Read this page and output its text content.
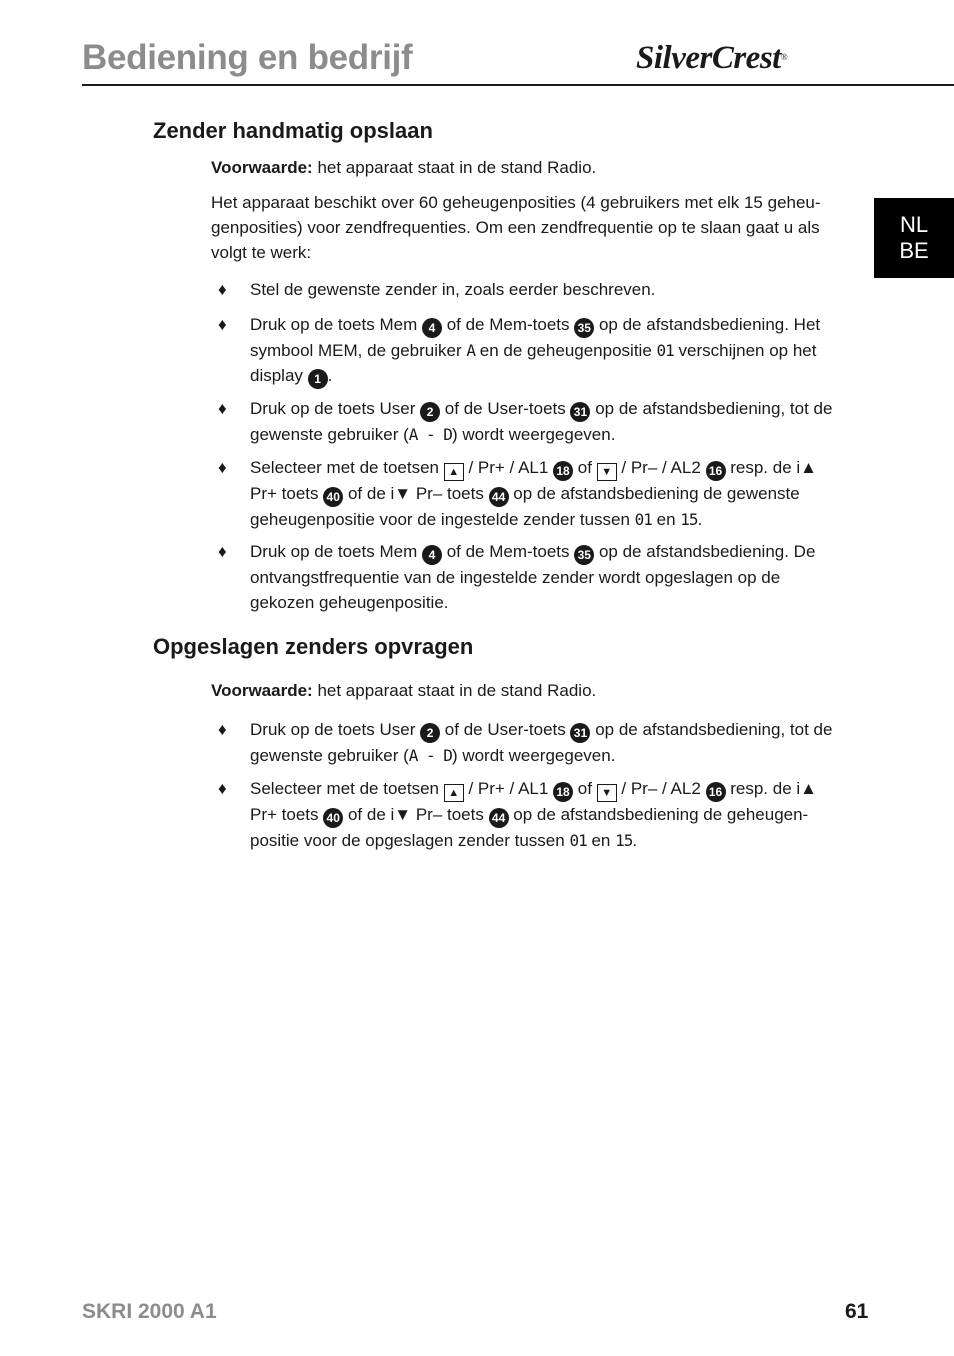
Bediening en bedrijf	SilverCrest®
NL
BE
Zender handmatig opslaan

Voorwaarde: het apparaat staat in de stand Radio.

Het apparaat beschikt over 60 geheugenposities (4 gebruikers met elk 15 geheu-genposities) voor zendfrequenties. Om een zendfrequentie op te slaan gaat u als volgt te werk:

♦ Stel de gewenste zender in, zoals eerder beschreven.

♦ Druk op de toets Mem 4 of de Mem-toets 35 op de afstandsbediening. Het symbool MEM, de gebruiker A en de geheugenpositie 01 verschijnen op het display 1 .

♦ Druk op de toets User 2 of de User-toets 31 op de afstandsbediening, tot de gewenste gebruiker (A - D) wordt weergegeven.

♦ Selecteer met de toetsen ▲ / Pr+ / AL1 18 of ▼ / Pr– / AL2 16 resp. de i▲ Pr+ toets 40 of de i▼ Pr– toets 44 op de afstandsbediening de gewenste geheugenpositie voor de ingestelde zender tussen 01 en 15.

♦ Druk op de toets Mem 4 of de Mem-toets 35 op de afstandsbediening. De ontvangstfrequentie van de ingestelde zender wordt opgeslagen op de gekozen geheugenpositie.

Opgeslagen zenders opvragen

Voorwaarde: het apparaat staat in de stand Radio.

♦ Druk op de toets User 2 of de User-toets 31 op de afstandsbediening, tot de gewenste gebruiker (A - D) wordt weergegeven.

♦ Selecteer met de toetsen ▲ / Pr+ / AL1 18 of ▼ / Pr– / AL2 16 resp. de i▲ Pr+ toets 40 of de i▼ Pr– toets 44 op de afstandsbediening de geheugen-positie voor de opgeslagen zender tussen 01 en 15.

SKRI 2000 A1	61
